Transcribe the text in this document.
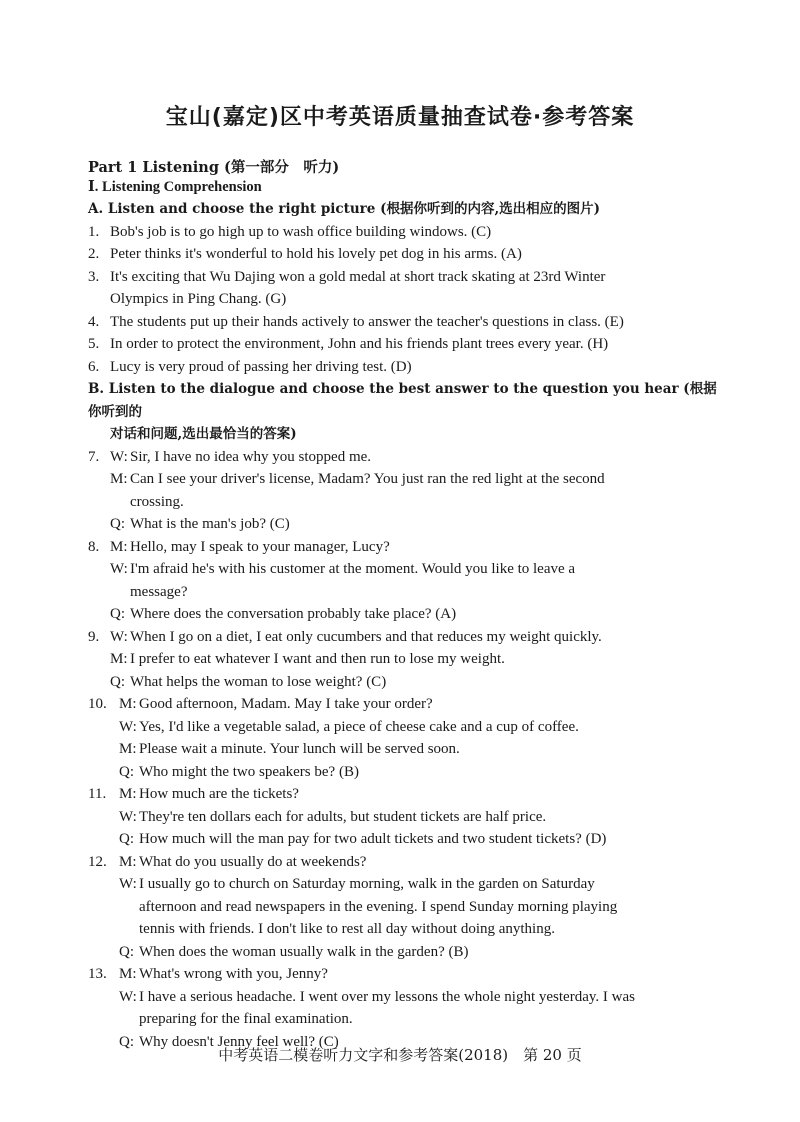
宝山(嘉定)区中考英语质量抽查试卷·参考答案
Part 1 Listening (第一部分　听力)
Ⅰ. Listening Comprehension
A. Listen and choose the right picture (根据你听到的内容,选出相应的图片)
1. Bob's job is to go high up to wash office building windows. (C)
2. Peter thinks it's wonderful to hold his lovely pet dog in his arms. (A)
3. It's exciting that Wu Dajing won a gold medal at short track skating at 23rd Winter
Olympics in Ping Chang. (G)
4. The students put up their hands actively to answer the teacher's questions in class. (E)
5. In order to protect the environment, John and his friends plant trees every year. (H)
6. Lucy is very proud of passing her driving test. (D)
B. Listen to the dialogue and choose the best answer to the question you hear (根据你听到的
对话和问题,选出最恰当的答案)
7. W: Sir, I have no idea why you stopped me.
M: Can I see your driver's license, Madam? You just ran the red light at the second
crossing.
Q: What is the man's job? (C)
8. M: Hello, may I speak to your manager, Lucy?
W: I'm afraid he's with his customer at the moment. Would you like to leave a
message?
Q: Where does the conversation probably take place? (A)
9. W: When I go on a diet, I eat only cucumbers and that reduces my weight quickly.
M: I prefer to eat whatever I want and then run to lose my weight.
Q: What helps the woman to lose weight? (C)
10. M: Good afternoon, Madam. May I take your order?
W: Yes, I'd like a vegetable salad, a piece of cheese cake and a cup of coffee.
M: Please wait a minute. Your lunch will be served soon.
Q: Who might the two speakers be? (B)
11. M: How much are the tickets?
W: They're ten dollars each for adults, but student tickets are half price.
Q: How much will the man pay for two adult tickets and two student tickets? (D)
12. M: What do you usually do at weekends?
W: I usually go to church on Saturday morning, walk in the garden on Saturday
afternoon and read newspapers in the evening. I spend Sunday morning playing
tennis with friends. I don't like to rest all day without doing anything.
Q: When does the woman usually walk in the garden? (B)
13. M: What's wrong with you, Jenny?
W: I have a serious headache. I went over my lessons the whole night yesterday. I was
preparing for the final examination.
Q: Why doesn't Jenny feel well? (C)
中考英语二模卷听力文字和参考答案(2018)　第 20 页
